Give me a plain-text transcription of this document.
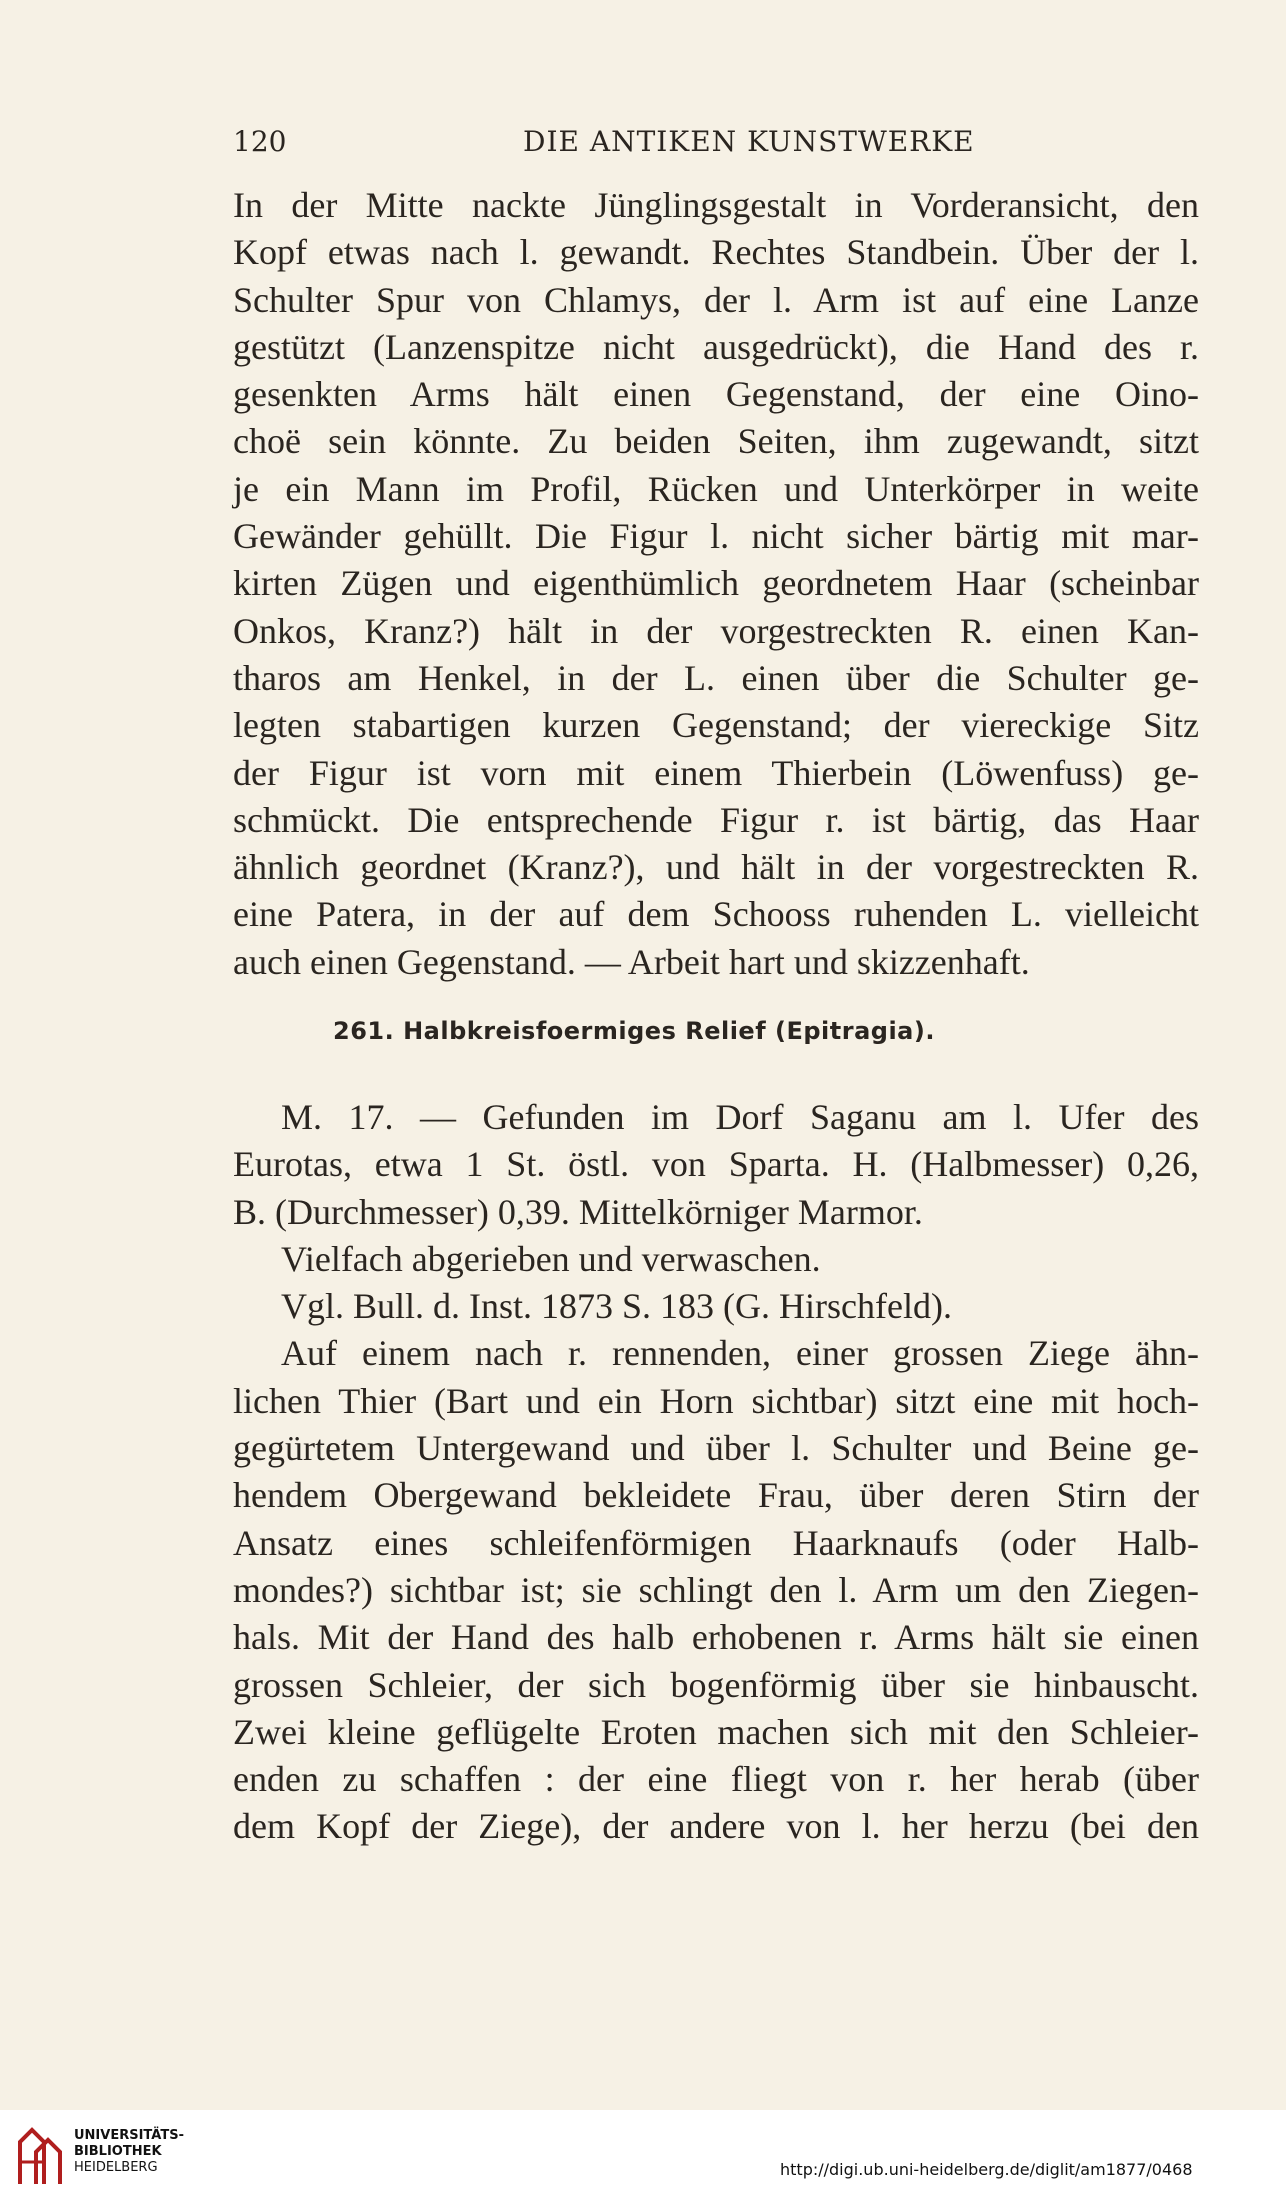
120	DIE ANTIKEN KUNSTWERKE
In der Mitte nackte Jünglingsgestalt in Vorderansicht, den
Kopf etwas nach l. gewandt. Rechtes Standbein. Über der l.
Schulter Spur von Chlamys, der l. Arm ist auf eine Lanze
gestützt (Lanzenspitze nicht ausgedrückt), die Hand des r.
gesenkten Arms hält einen Gegenstand, der eine Oino-
choë sein könnte. Zu beiden Seiten, ihm zugewandt, sitzt
je ein Mann im Profil, Rücken und Unterkörper in weite
Gewänder gehüllt. Die Figur l. nicht sicher bärtig mit mar-
kirten Zügen und eigenthümlich geordnetem Haar (scheinbar
Onkos, Kranz?) hält in der vorgestreckten R. einen Kan-
tharos am Henkel, in der L. einen über die Schulter ge-
legten stabartigen kurzen Gegenstand; der viereckige Sitz
der Figur ist vorn mit einem Thierbein (Löwenfuss) ge-
schmückt. Die entsprechende Figur r. ist bärtig, das Haar
ähnlich geordnet (Kranz?), und hält in der vorgestreckten R.
eine Patera, in der auf dem Schooss ruhenden L. vielleicht
auch einen Gegenstand. — Arbeit hart und skizzenhaft.
261. Halbkreisfoermiges Relief (Epitragia).
M. 17. — Gefunden im Dorf Saganu am l. Ufer des
Eurotas, etwa 1 St. östl. von Sparta. H. (Halbmesser) 0,26,
B. (Durchmesser) 0,39. Mittelkörniger Marmor.
Vielfach abgerieben und verwaschen.
Vgl. Bull. d. Inst. 1873 S. 183 (G. Hirschfeld).
Auf einem nach r. rennenden, einer grossen Ziege ähn-
lichen Thier (Bart und ein Horn sichtbar) sitzt eine mit hoch-
gegürtetem Untergewand und über l. Schulter und Beine ge-
hendem Obergewand bekleidete Frau, über deren Stirn der
Ansatz eines schleifenförmigen Haarknaufs (oder Halb-
mondes?) sichtbar ist; sie schlingt den l. Arm um den Ziegen-
hals. Mit der Hand des halb erhobenen r. Arms hält sie einen
grossen Schleier, der sich bogenförmig über sie hinbauscht.
Zwei kleine geflügelte Eroten machen sich mit den Schleier-
enden zu schaffen : der eine fliegt von r. her herab (über
dem Kopf der Ziege), der andere von l. her herzu (bei den
UNIVERSITÄTS-
BIBLIOTHEK
HEIDELBERG	http://digi.ub.uni-heidelberg.de/diglit/am1877/0468
